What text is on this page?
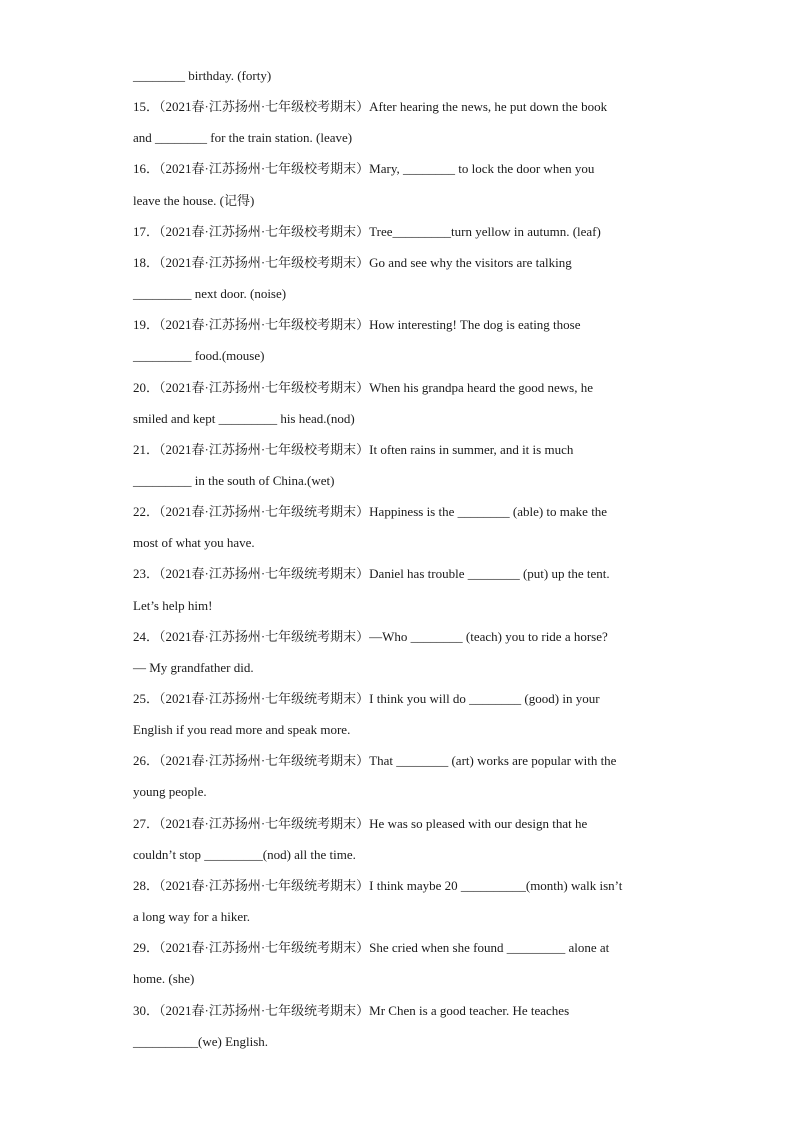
________ birthday. (forty)
15．（2021春·江苏扬州·七年级校考期末）After hearing the news, he put down the book
and ________ for the train station. (leave)
16．（2021春·江苏扬州·七年级校考期末）Mary, ________ to lock the door when you
leave the house. (记得)
17．（2021春·江苏扬州·七年级校考期末）Tree_________turn yellow in autumn. (leaf)
18．（2021春·江苏扬州·七年级校考期末）Go and see why the visitors are talking
_________ next door. (noise)
19．（2021春·江苏扬州·七年级校考期末）How interesting! The dog is eating those
_________ food.(mouse)
20．（2021春·江苏扬州·七年级校考期末）When his grandpa heard the good news, he
smiled and kept _________ his head.(nod)
21．（2021春·江苏扬州·七年级校考期末）It often rains in summer, and it is much
_________ in the south of China.(wet)
22．（2021春·江苏扬州·七年级统考期末）Happiness is the ________ (able) to make the
most of what you have.
23．（2021春·江苏扬州·七年级统考期末）Daniel has trouble ________ (put) up the tent.
Let’s help him!
24．（2021春·江苏扬州·七年级统考期末）—Who ________ (teach) you to ride a horse?
— My grandfather did.
25．（2021春·江苏扬州·七年级统考期末）I think you will do ________ (good) in your
English if you read more and speak more.
26．（2021春·江苏扬州·七年级统考期末）That ________ (art) works are popular with the
young people.
27．（2021春·江苏扬州·七年级统考期末）He was so pleased with our design that he
couldn’t stop _________(nod) all the time.
28．（2021春·江苏扬州·七年级统考期末）I think maybe 20 __________(month) walk isn’t
a long way for a hiker.
29．（2021春·江苏扬州·七年级统考期末）She cried when she found _________ alone at
home. (she)
30．（2021春·江苏扬州·七年级统考期末）Mr Chen is a good teacher. He teaches
__________(we) English.
